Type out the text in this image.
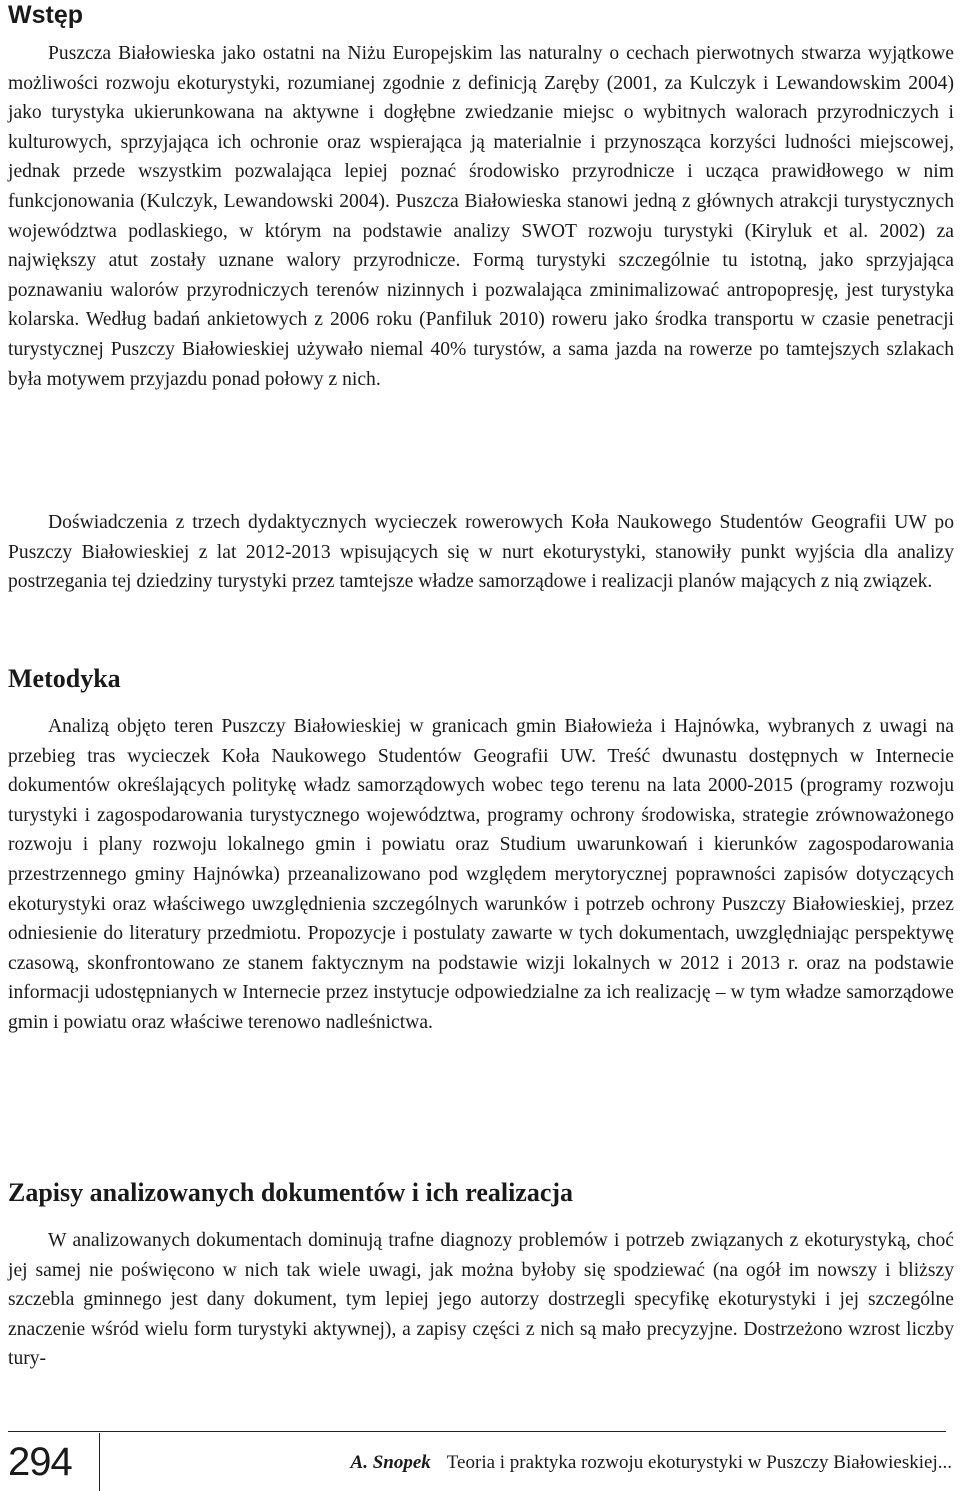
Wstęp

Puszcza Białowieska jako ostatni na Niżu Europejskim las naturalny o cechach pierwotnych stwarza wyjątkowe możliwości rozwoju ekoturystyki, rozumianej zgodnie z definicją Zaręby (2001, za Kulczyk i Lewandowskim 2004) jako turystyka ukierunkowana na aktywne i dogłębne zwiedzanie miejsc o wybitnych walorach przyrodniczych i kulturowych, sprzyjająca ich ochronie oraz wspierająca ją materialnie i przynosząca korzyści ludności miejscowej, jednak przede wszystkim pozwalająca lepiej poznać środowisko przyrodnicze i ucząca prawidłowego w nim funkcjonowania (Kulczyk, Lewandowski 2004). Puszcza Białowieska stanowi jedną z głównych atrakcji turystycznych województwa podlaskiego, w którym na podstawie analizy SWOT rozwoju turystyki (Kiryluk et al. 2002) za największy atut zostały uznane walory przyrodnicze. Formą turystyki szczególnie tu istotną, jako sprzyjająca poznawaniu walorów przyrodniczych terenów nizinnych i pozwalająca zminimalizować antropopresję, jest turystyka kolarska. Według badań ankietowych z 2006 roku (Panfiluk 2010) roweru jako środka transportu w czasie penetracji turystycznej Puszczy Białowieskiej używało niemal 40% turystów, a sama jazda na rowerze po tamtejszych szlakach była motywem przyjazdu ponad połowy z nich.

Doświadczenia z trzech dydaktycznych wycieczek rowerowych Koła Naukowego Studentów Geografii UW po Puszczy Białowieskiej z lat 2012-2013 wpisujących się w nurt ekoturystyki, stanowiły punkt wyjścia dla analizy postrzegania tej dziedziny turystyki przez tamtejsze władze samorządowe i realizacji planów mających z nią związek.

Metodyka

Analizą objęto teren Puszczy Białowieskiej w granicach gmin Białowieża i Hajnówka, wybranych z uwagi na przebieg tras wycieczek Koła Naukowego Studentów Geografii UW. Treść dwunastu dostępnych w Internecie dokumentów określających politykę władz samorządowych wobec tego terenu na lata 2000-2015 (programy rozwoju turystyki i zagospodarowania turystycznego województwa, programy ochrony środowiska, strategie zrównoważonego rozwoju i plany rozwoju lokalnego gmin i powiatu oraz Studium uwarunkowań i kierunków zagospodarowania przestrzennego gminy Hajnówka) przeanalizowano pod względem merytorycznej poprawności zapisów dotyczących ekoturystyki oraz właściwego uwzględnienia szczególnych warunków i potrzeb ochrony Puszczy Białowieskiej, przez odniesienie do literatury przedmiotu. Propozycje i postulaty zawarte w tych dokumentach, uwzględniając perspektywę czasową, skonfrontowano ze stanem faktycznym na podstawie wizji lokalnych w 2012 i 2013 r. oraz na podstawie informacji udostępnianych w Internecie przez instytucje odpowiedzialne za ich realizację – w tym władze samorządowe gmin i powiatu oraz właściwe terenowo nadleśnictwa.

Zapisy analizowanych dokumentów i ich realizacja

W analizowanych dokumentach dominują trafne diagnozy problemów i potrzeb związanych z ekoturystyką, choć jej samej nie poświęcono w nich tak wiele uwagi, jak można byłoby się spodziewać (na ogół im nowszy i bliższy szczebla gminnego jest dany dokument, tym lepiej jego autorzy dostrzegli specyfikę ekoturystyki i jej szczególne znaczenie wśród wielu form turystyki aktywnej), a zapisy części z nich są mało precyzyjne. Dostrzeżono wzrost liczby tury-

294	A. Snopek Teoria i praktyka rozwoju ekoturystyki w Puszczy Białowieskiej...
